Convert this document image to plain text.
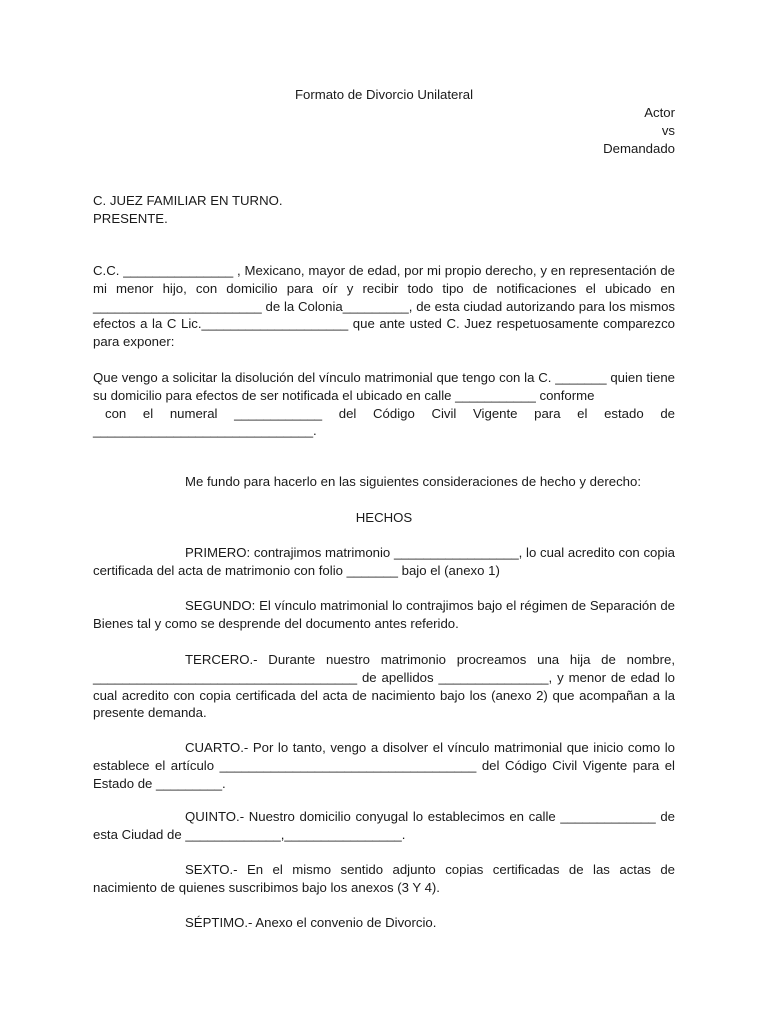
Formato de Divorcio Unilateral

Actor
vs
Demandado

C. JUEZ FAMILIAR EN TURNO.

PRESENTE.

C.C. _______________ , Mexicano, mayor de edad, por mi propio derecho, y en representación de mi menor hijo, con domicilio para oír y recibir todo tipo de notificaciones el ubicado en _______________________ de la Colonia_________, de esta ciudad autorizando para los mismos efectos a la C Lic.____________________ que ante usted C. Juez respetuosamente comparezco para exponer:

Que vengo a solicitar la disolución del vínculo matrimonial que tengo con la C. _______ quien tiene su domicilio para efectos de ser notificada el ubicado en calle ___________ conforme

con el numeral ____________ del Código Civil Vigente para el estado de ______________________________.

Me fundo para hacerlo en las siguientes consideraciones de hecho y derecho:

HECHOS

PRIMERO: contrajimos matrimonio _________________, lo cual acredito con copia certificada del acta de matrimonio con folio _______ bajo el (anexo 1)

SEGUNDO: El vínculo matrimonial lo contrajimos bajo el régimen de Separación de Bienes tal y como se desprende del documento antes referido.

TERCERO.- Durante nuestro matrimonio procreamos una hija de nombre, ____________________________________ de apellidos _______________, y menor de edad lo cual acredito con copia certificada del acta de nacimiento bajo los (anexo 2) que acompañan a la presente demanda.

CUARTO.- Por lo tanto, vengo a disolver el vínculo matrimonial que inicio como lo establece el artículo ___________________________________ del Código Civil Vigente para el Estado de _________.

QUINTO.- Nuestro domicilio conyugal lo establecimos en calle _____________ de esta Ciudad de _____________,________________.

SEXTO.- En el mismo sentido adjunto copias certificadas de las actas de nacimiento de quienes suscribimos bajo los anexos (3 Y 4).

SÉPTIMO.- Anexo el convenio de Divorcio.
